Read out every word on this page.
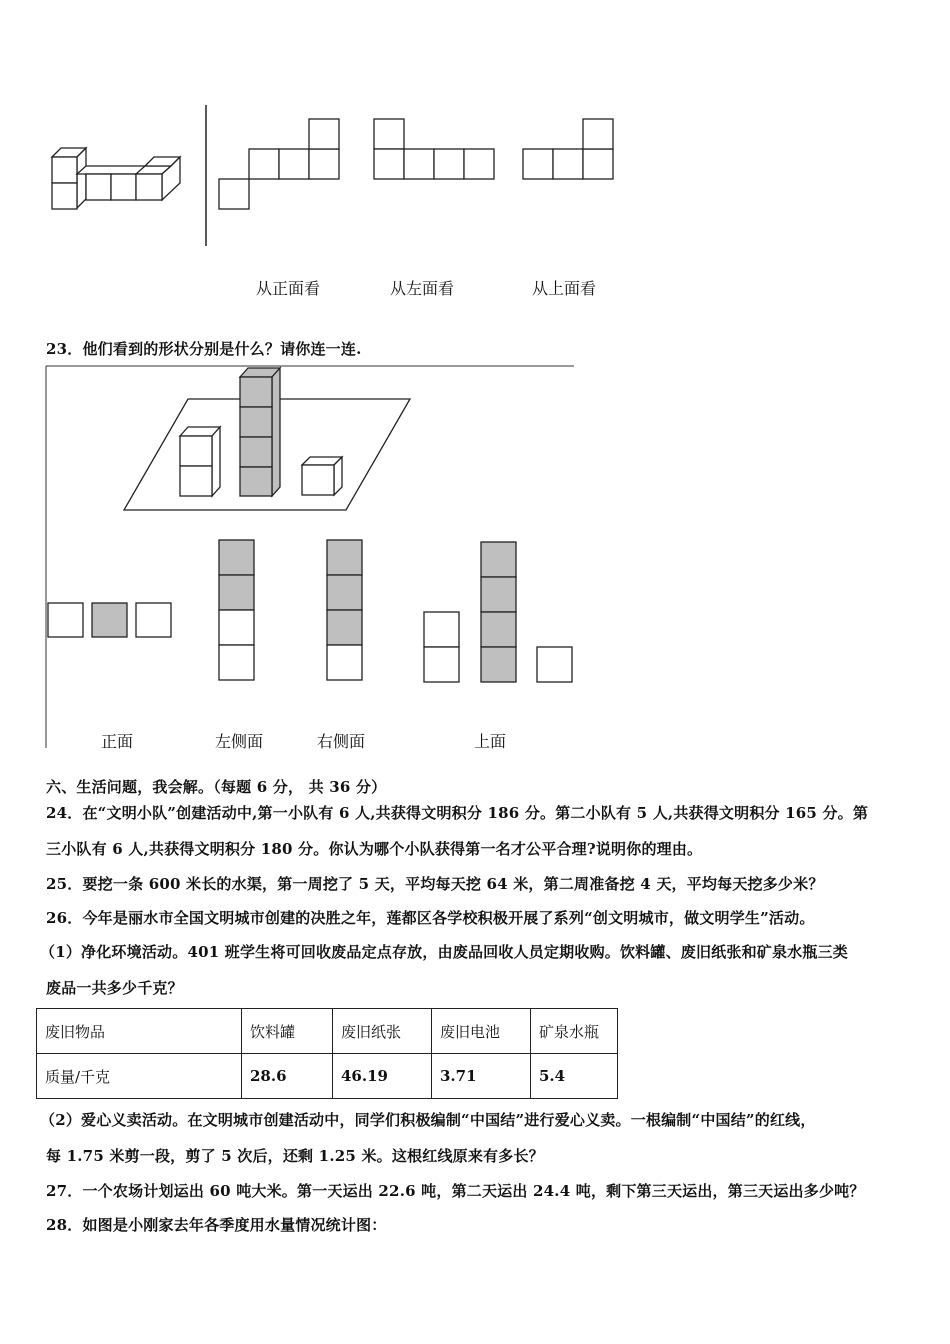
从正面看	从左面看	从上面看
23．他们看到的形状分别是什么？请你连一连.
正面	左侧面	右侧面	上面
六、生活问题，我会解。（每题 6 分， 共 36 分）
24．在“文明小队”创建活动中,第一小队有 6 人,共获得文明积分 186 分。第二小队有 5 人,共获得文明积分 165 分。第
三小队有 6 人,共获得文明积分 180 分。你认为哪个小队获得第一名才公平合理?说明你的理由。
25．要挖一条 600 米长的水渠，第一周挖了 5 天，平均每天挖 64 米，第二周准备挖 4 天，平均每天挖多少米？
26．今年是丽水市全国文明城市创建的决胜之年，莲都区各学校积极开展了系列“创文明城市，做文明学生”活动。
（1）净化环境活动。401 班学生将可回收废品定点存放，由废品回收人员定期收购。饮料罐、废旧纸张和矿泉水瓶三类
废品一共多少千克？
废旧物品	饮料罐	废旧纸张	废旧电池	矿泉水瓶
质量/千克	28.6	46.19	3.71	5.4
（2）爱心义卖活动。在文明城市创建活动中，同学们积极编制“中国结”进行爱心义卖。一根编制“中国结”的红线，
每 1.75 米剪一段，剪了 5 次后，还剩 1.25 米。这根红线原来有多长？
27．一个农场计划运出 60 吨大米。第一天运出 22.6 吨，第二天运出 24.4 吨，剩下第三天运出，第三天运出多少吨？
28．如图是小刚家去年各季度用水量情况统计图：
